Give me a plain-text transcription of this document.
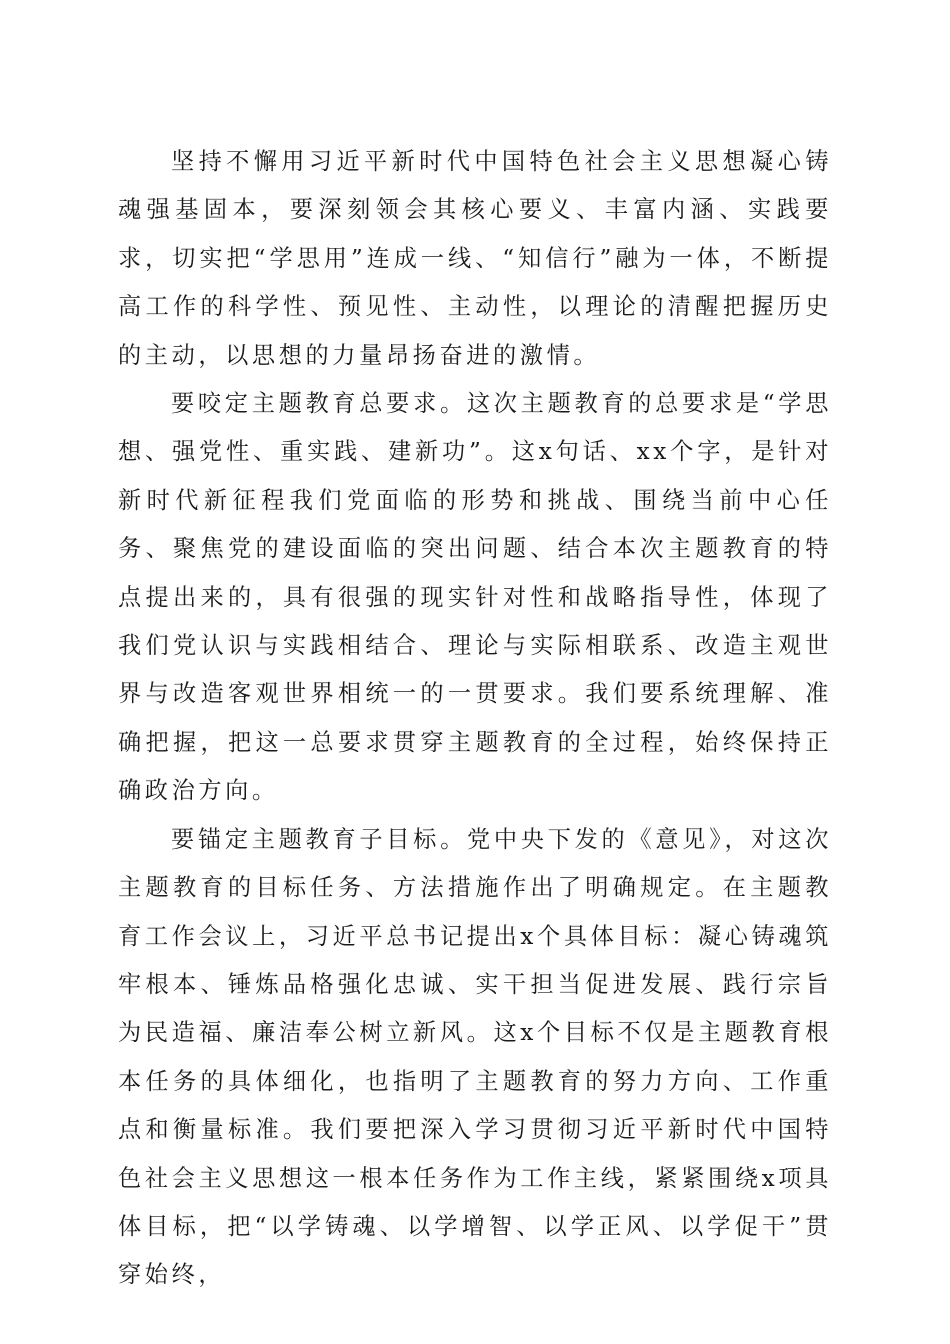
坚持不懈用习近平新时代中国特色社会主义思想凝心铸魂强基固本，要深刻领会其核心要义、丰富内涵、实践要求，切实把“学思用”连成一线、“知信行”融为一体，不断提高工作的科学性、预见性、主动性，以理论的清醒把握历史的主动，以思想的力量昂扬奋进的激情。

要咬定主题教育总要求。这次主题教育的总要求是“学思想、强党性、重实践、建新功”。这x句话、xx个字，是针对新时代新征程我们党面临的形势和挑战、围绕当前中心任务、聚焦党的建设面临的突出问题、结合本次主题教育的特点提出来的，具有很强的现实针对性和战略指导性，体现了我们党认识与实践相结合、理论与实际相联系、改造主观世界与改造客观世界相统一的一贯要求。我们要系统理解、准确把握，把这一总要求贯穿主题教育的全过程，始终保持正确政治方向。

要锚定主题教育子目标。党中央下发的《意见》，对这次主题教育的目标任务、方法措施作出了明确规定。在主题教育工作会议上，习近平总书记提出x个具体目标：凝心铸魂筑牢根本、锤炼品格强化忠诚、实干担当促进发展、践行宗旨为民造福、廉洁奉公树立新风。这x个目标不仅是主题教育根本任务的具体细化，也指明了主题教育的努力方向、工作重点和衡量标准。我们要把深入学习贯彻习近平新时代中国特色社会主义思想这一根本任务作为工作主线，紧紧围绕x项具体目标，把“以学铸魂、以学增智、以学正风、以学促干”贯穿始终，
